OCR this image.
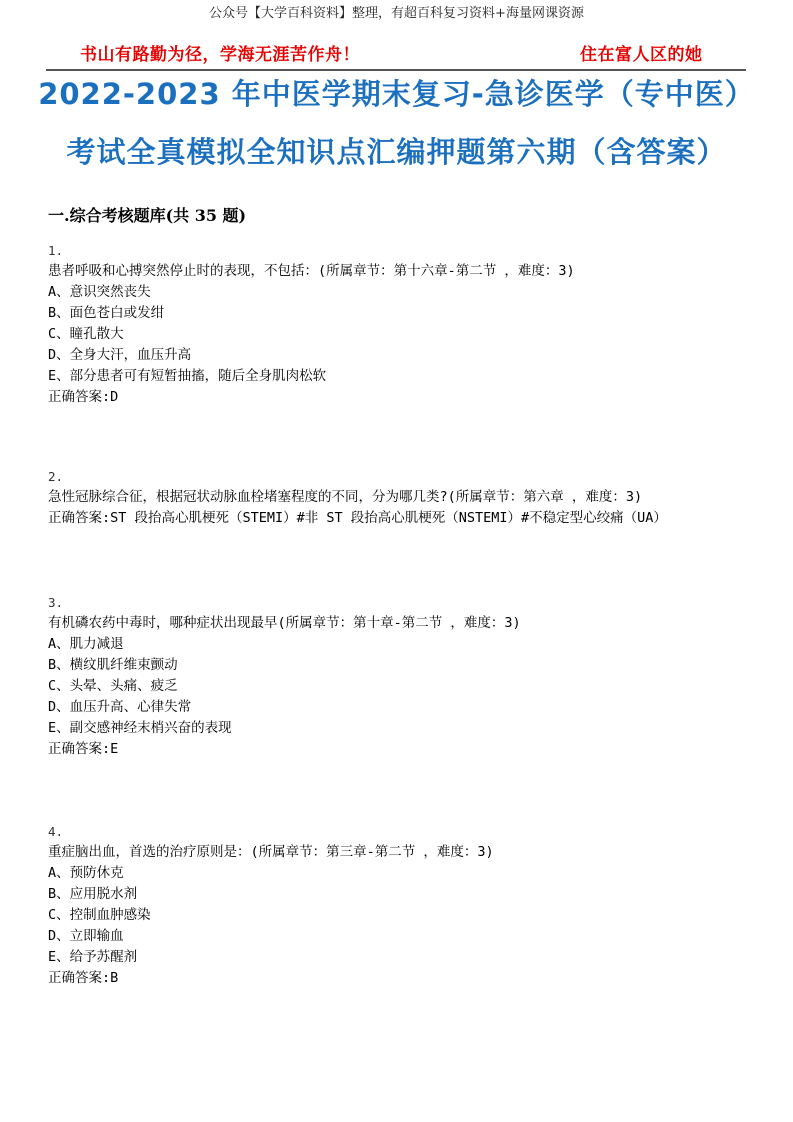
公众号【大学百科资料】整理，有超百科复习资料+海量网课资源
书山有路勤为径，学海无涯苦作舟！	住在富人区的她
2022-2023 年中医学期末复习-急诊医学（专中医）
考试全真模拟全知识点汇编押题第六期（含答案）
一.综合考核题库(共 35 题)
1.
患者呼吸和心搏突然停止时的表现，不包括：(所属章节：第十六章-第二节 ，难度：3)
A、意识突然丧失
B、面色苍白或发绀
C、瞳孔散大
D、全身大汗，血压升高
E、部分患者可有短暂抽搐，随后全身肌肉松软
正确答案:D
2.
急性冠脉综合征，根据冠状动脉血栓堵塞程度的不同，分为哪几类?(所属章节：第六章 ，难度：3)
正确答案:ST 段抬高心肌梗死（STEMI）#非 ST 段抬高心肌梗死（NSTEMI）#不稳定型心绞痛（UA）
3.
有机磷农药中毒时，哪种症状出现最早(所属章节：第十章-第二节 ，难度：3)
A、肌力减退
B、横纹肌纤维束颤动
C、头晕、头痛、疲乏
D、血压升高、心律失常
E、副交感神经末梢兴奋的表现
正确答案:E
4.
重症脑出血，首选的治疗原则是：(所属章节：第三章-第二节 ，难度：3)
A、预防休克
B、应用脱水剂
C、控制血肿感染
D、立即输血
E、给予苏醒剂
正确答案:B
